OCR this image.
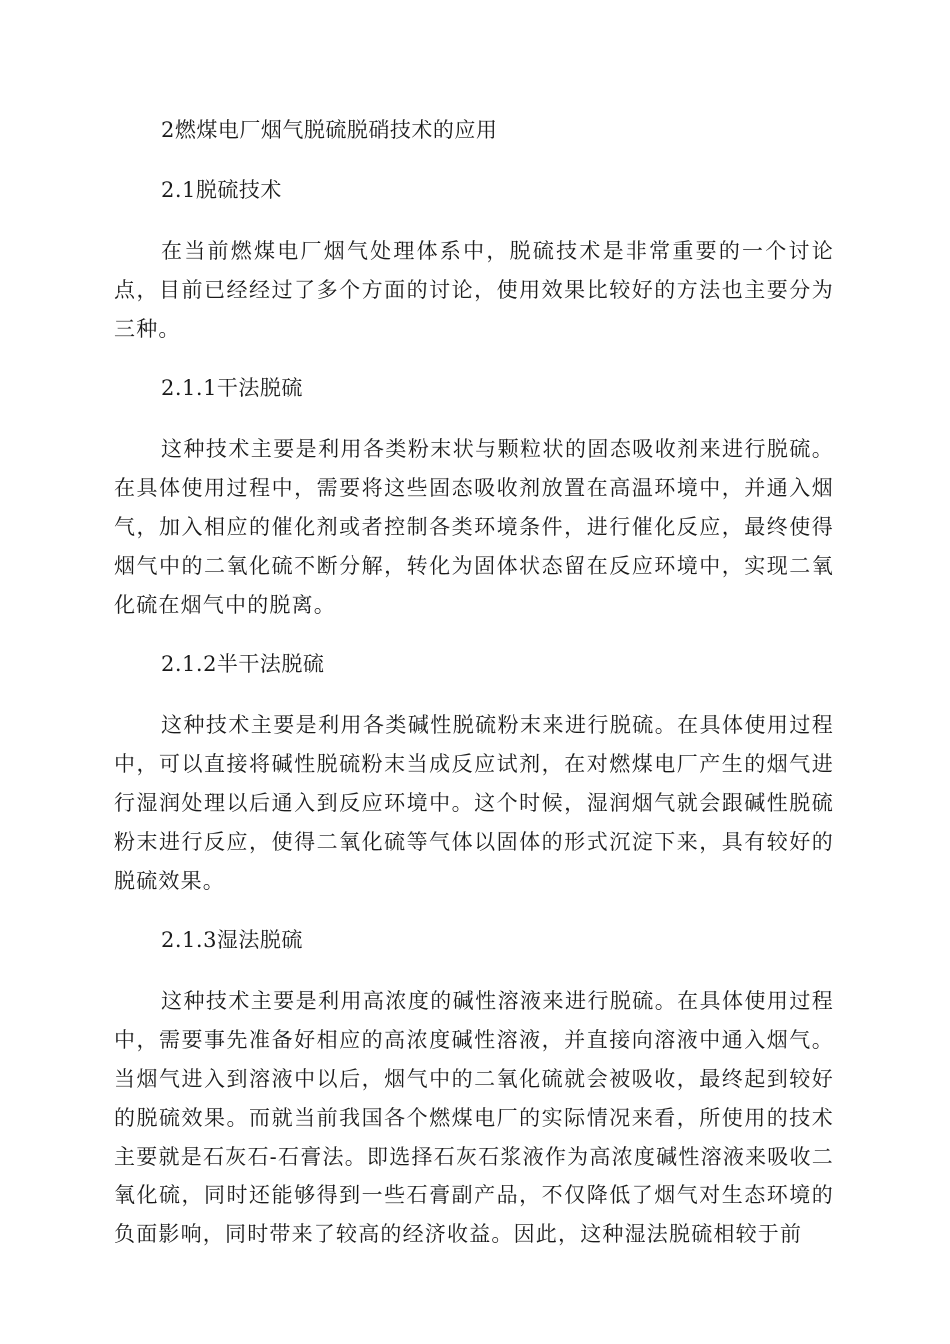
2燃煤电厂烟气脱硫脱硝技术的应用

2.1脱硫技术

在当前燃煤电厂烟气处理体系中，脱硫技术是非常重要的一个讨论点，目前已经经过了多个方面的讨论，使用效果比较好的方法也主要分为三种。

2.1.1干法脱硫

这种技术主要是利用各类粉末状与颗粒状的固态吸收剂来进行脱硫。在具体使用过程中，需要将这些固态吸收剂放置在高温环境中，并通入烟气，加入相应的催化剂或者控制各类环境条件，进行催化反应，最终使得烟气中的二氧化硫不断分解，转化为固体状态留在反应环境中，实现二氧化硫在烟气中的脱离。

2.1.2半干法脱硫

这种技术主要是利用各类碱性脱硫粉末来进行脱硫。在具体使用过程中，可以直接将碱性脱硫粉末当成反应试剂，在对燃煤电厂产生的烟气进行湿润处理以后通入到反应环境中。这个时候，湿润烟气就会跟碱性脱硫粉末进行反应，使得二氧化硫等气体以固体的形式沉淀下来，具有较好的脱硫效果。

2.1.3湿法脱硫

这种技术主要是利用高浓度的碱性溶液来进行脱硫。在具体使用过程中，需要事先准备好相应的高浓度碱性溶液，并直接向溶液中通入烟气。当烟气进入到溶液中以后，烟气中的二氧化硫就会被吸收，最终起到较好的脱硫效果。而就当前我国各个燃煤电厂的实际情况来看，所使用的技术主要就是石灰石-石膏法。即选择石灰石浆液作为高浓度碱性溶液来吸收二氧化硫，同时还能够得到一些石膏副产品，不仅降低了烟气对生态环境的负面影响，同时带来了较高的经济收益。因此，这种湿法脱硫相较于前
